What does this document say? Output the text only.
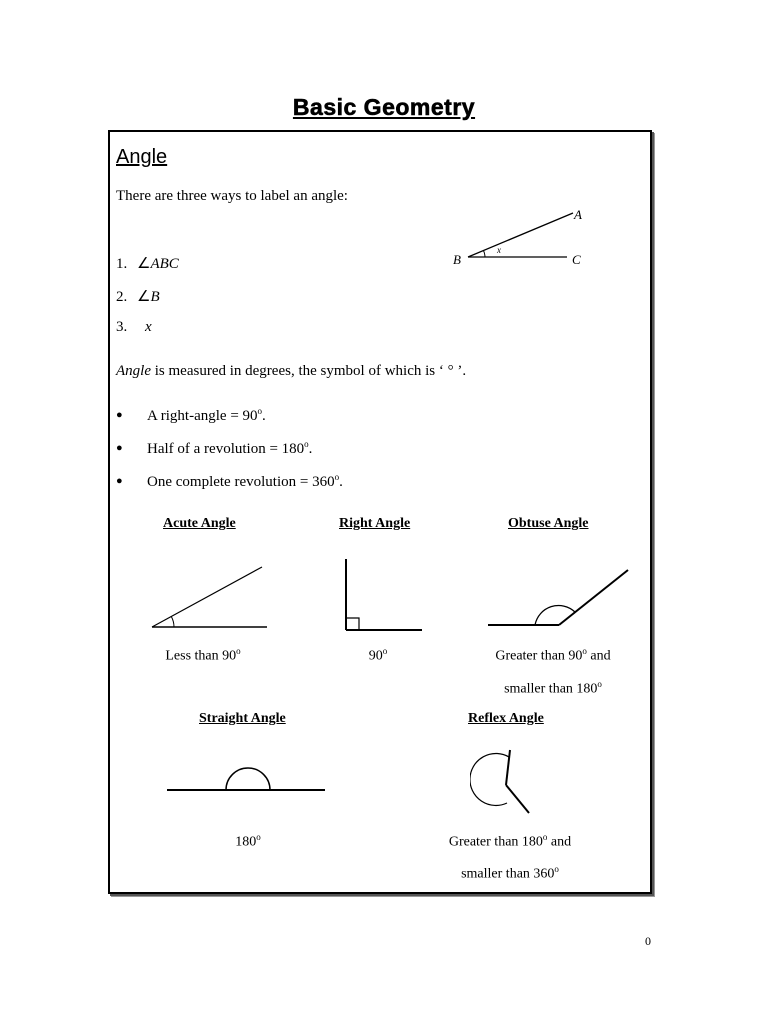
Basic Geometry
Angle
There are three ways to label an angle:
1. ∠ABC
2. ∠B
3. x
A
B	C
x
Angle is measured in degrees, the symbol of which is ‘ ° ’.
● A right-angle = $90^o$.
● Half of a revolution = $180^o$.
● One complete revolution = $360^o$.
Acute Angle	Right Angle	Obtuse Angle
Less than 90$^o$	90$^o$	Greater than 90$^o$ and
smaller than 180$^o$
Straight Angle	Reflex Angle
180$^o$	Greater than 180$^o$ and
smaller than 360$^o$
0
